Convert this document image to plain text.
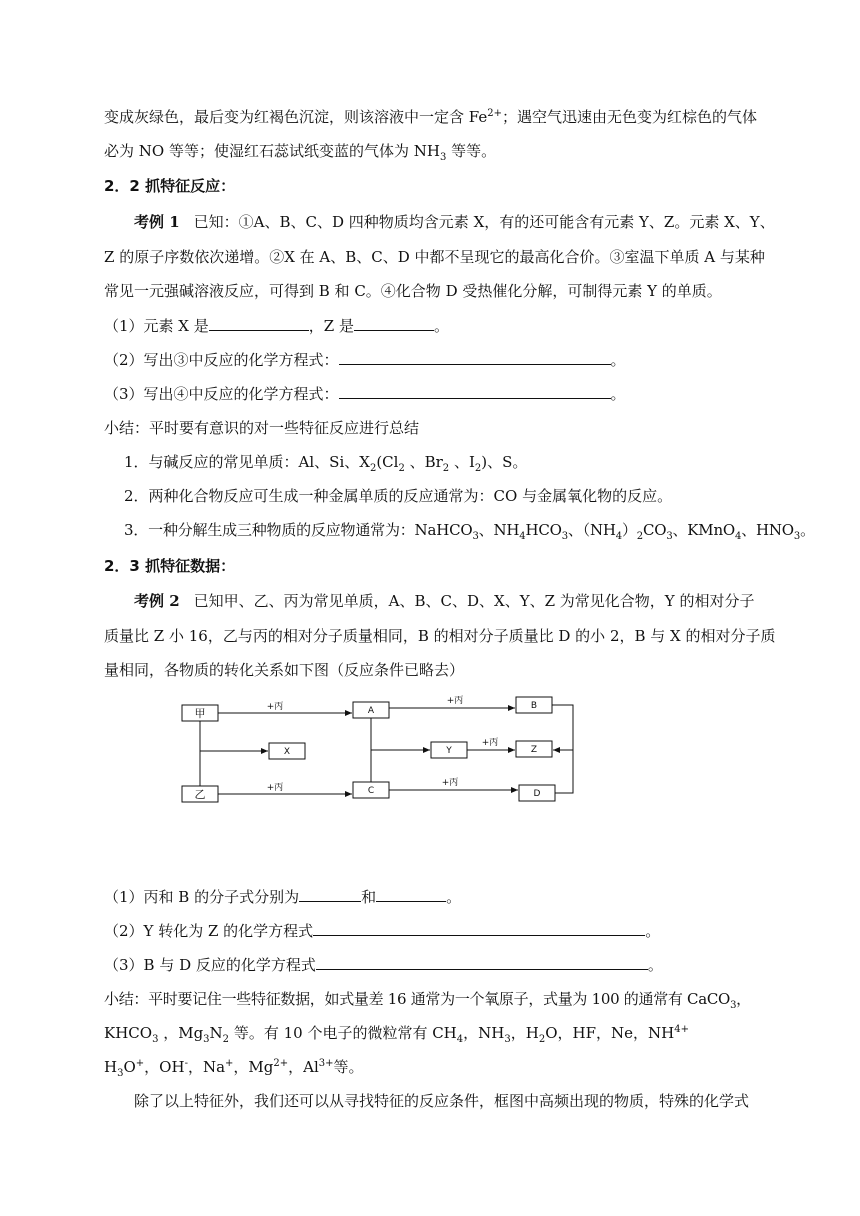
变成灰绿色，最后变为红褐色沉淀，则该溶液中一定含 $Fe^{2+}$；遇空气迅速由无色变为红棕色的气体
必为 NO 等等；使湿红石蕊试纸变蓝的气体为 $NH_3$ 等等。
2．2 抓特征反应：
考例 1 已知：①A、B、C、D 四种物质均含元素 X，有的还可能含有元素 Y、Z。元素 X、Y、
Z 的原子序数依次递增。②X 在 A、B、C、D 中都不呈现它的最高化合价。③室温下单质 A 与某种
常见一元强碱溶液反应，可得到 B 和 C。④化合物 D 受热催化分解，可制得元素 Y 的单质。
（1）元素 X 是	，Z 是	。
（2）写出③中反应的化学方程式：	。
（3）写出④中反应的化学方程式：	。
小结：平时要有意识的对一些特征反应进行总结
1．与碱反应的常见单质：Al、Si、$X_2(Cl_2$ 、$Br_2$ 、$I_2$)、S。
2．两种化合物反应可生成一种金属单质的反应通常为：CO 与金属氧化物的反应。
3．一种分解生成三种物质的反应物通常为：NaHCO$_3$、$NH_4HCO_3$、$(NH_4)_2CO_3$、KMnO$_4$、$HNO_3$。
2．3 抓特征数据：
考例 2 已知甲、乙、丙为常见单质，A、B、C、D、X、Y、Z 为常见化合物，Y 的相对分子
质量比 Z 小 16，乙与丙的相对分子质量相同，B 的相对分子质量比 D 的小 2，B 与 X 的相对分子质
量相同，各物质的转化关系如下图（反应条件已略去）
甲
乙
X
A
C
Y
B
Z
D
+丙
+丙
+丙
+丙
+丙
（1）丙和 B 的分子式分别为	和	。
（2）Y 转化为 Z 的化学方程式	。
（3）B 与 D 反应的化学方程式	。
小结：平时要记住一些特征数据，如式量差 16 通常为一个氧原子，式量为 100 的通常有 CaCO$_3$，
$KHCO_3$ ，$Mg_3N_2$ 等。有 10 个电子的微粒常有 $CH_4$，$NH_3$，$H_2O$，HF，Ne，$NH^{4+}$
$H_3O^+$，OH-，Na+，$Mg^{2+}$，$Al^{3+}$等。
除了以上特征外，我们还可以从寻找特征的反应条件，框图中高频出现的物质，特殊的化学式
